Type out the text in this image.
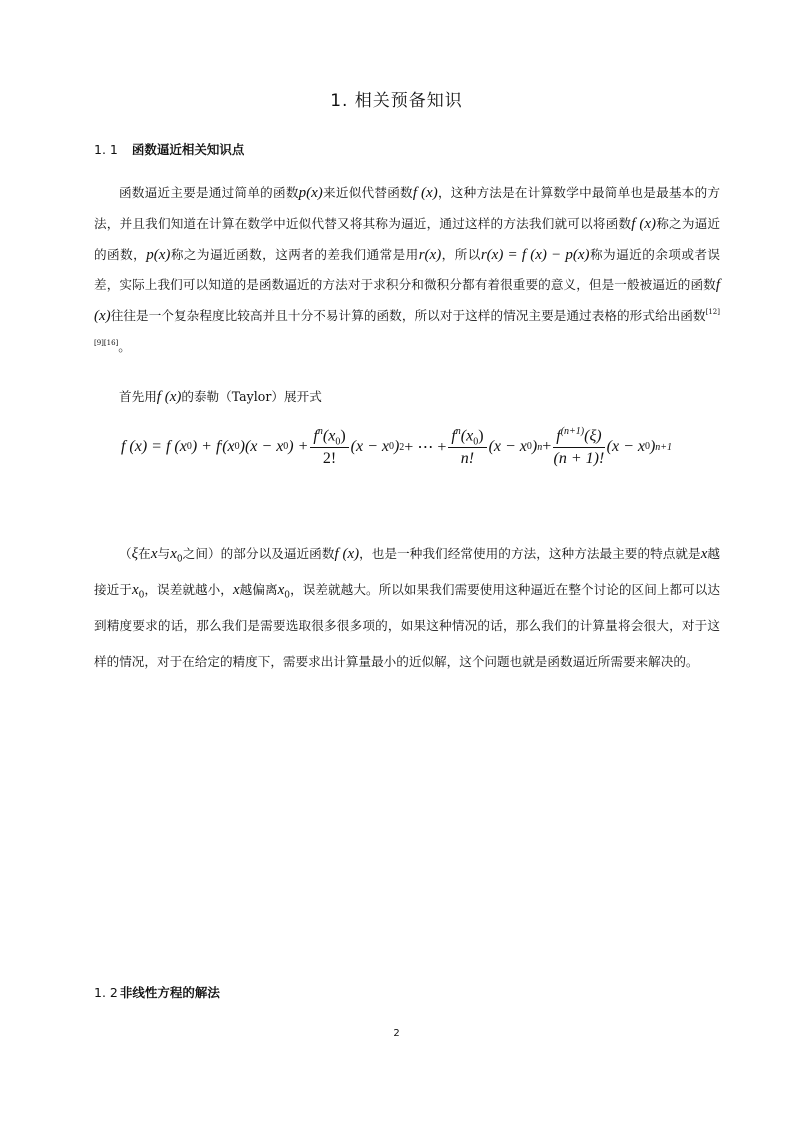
1. 相关预备知识
1. 1 函数逼近相关知识点
函数逼近主要是通过简单的函数p(x)来近似代替函数f (x)，这种方法是在计算数学中最简单也是最基本的方法，并且我们知道在计算在数学中近似代替又将其称为逼近，通过这样的方法我们就可以将函数f (x)称之为逼近的函数，p(x)称之为逼近函数，这两者的差我们通常是用r(x)，所以r(x) = f (x) − p(x)称为逼近的余项或者误差，实际上我们可以知道的是函数逼近的方法对于求积分和微积分都有着很重要的意义，但是一般被逼近的函数f (x)往往是一个复杂程度比较高并且十分不易计算的函数，所以对于这样的情况主要是通过表格的形式给出函数[12][9][16]。
首先用f (x)的泰勒（Taylor）展开式
f (x) = f (x 0 ) + f ' (x 0 )(x − x 0 ) + $\frac{f^n(x_0)}{2!} (x - x$ 0 ) 2 + ⋯ + $\frac{f^n(x_0)}{n!} (x - x$ 0 ) $n + \frac{f^{(n+1)}(\xi)}{(n + 1)!} (x - x$ 0 ) n+1
（ξ在x与$x_0$之间）的部分以及逼近函数f (x)，也是一种我们经常使用的方法，这种方法最主要的特点就是x越接近于$x_0$，误差就越小，x越偏离$x_0$，误差就越大。所以如果我们需要使用这种逼近在整个讨论的区间上都可以达到精度要求的话，那么我们是需要选取很多很多项的，如果这种情况的话，那么我们的计算量将会很大，对于这样的情况，对于在给定的精度下，需要求出计算量最小的近似解，这个问题也就是函数逼近所需要来解决的。
1. 2 非线性方程的解法
2
